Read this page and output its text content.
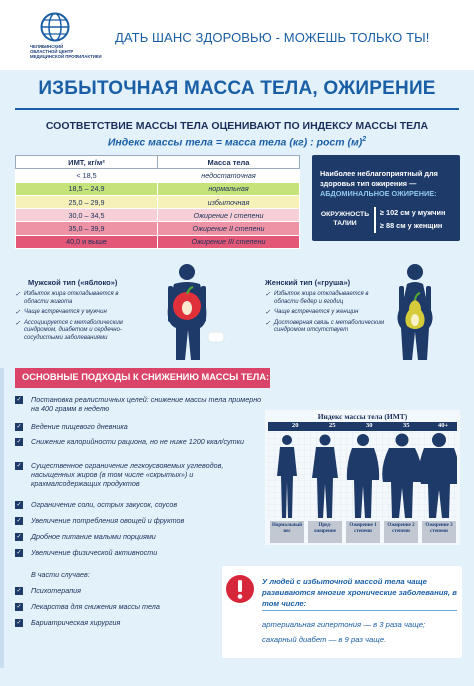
ЧЕЛЯБИНСКИЙ
ОБЛАСТНОЙ ЦЕНТР
МЕДИЦИНСКОЙ ПРОФИЛАКТИКИ
ДАТЬ ШАНС ЗДОРОВЬЮ - МОЖЕШЬ ТОЛЬКО ТЫ!
ИЗБЫТОЧНАЯ МАССА ТЕЛА, ОЖИРЕНИЕ
СООТВЕТСТВИЕ МАССЫ ТЕЛА ОЦЕНИВАЮТ ПО ИНДЕКСУ МАССЫ ТЕЛА
Индекс массы тела = масса тела (кг) : рост $(м)^2$
ИМТ, кг/м²	Масса тела
< 18,5	недостаточная
18,5 – 24,9	нормальная
25,0 – 29,9	избыточная
30,0 – 34,5	Ожирение I степени
35,0 – 39,9	Ожирение II степени
40,0 и выше	Ожирение III степени
Наиболее неблагоприятный для здоровья тип ожирения —
АБДОМИНАЛЬНОЕ ОЖИРЕНИЕ:
ОКРУЖНОСТЬ ТАЛИИ
≥ 102 см у мужчин
≥ 88 см у женщин
Мужской тип («яблоко»)
✓ Избыток жира откладывается в области живота
✓ Чаще встречается у мужчин
✓ Ассоциируется с метаболическим синдромом, диабетом и сердечно-сосудистыми заболеваниями
Женский тип («груша»)
✓ Избыток жира откладывается в области бедер и ягодиц
✓ Чаще встречается у женщин
✓ Достоверная связь с метаболическим синдромом отсутствует
ОСНОВНЫЕ ПОДХОДЫ К СНИЖЕНИЮ МАССЫ ТЕЛА:
✓ Постановка реалистичных целей: снижение массы тела примерно на 400 грамм в неделю
✓ Ведение пищевого дневника
✓ Снижение калорийности рациона, но не ниже 1200 ккал/сутки
✓ Существенное ограничение легкоусвояемых углеводов, насыщенных жиров (в том числе «скрытых») и крахмалсодержащих продуктов
✓ Ограничение соли, острых закусок, соусов
✓ Увеличение потребления овощей и фруктов
✓ Дробное питание малыми порциями
✓ Увеличение физической активности
В части случаев:
✓ Психотерапия
✓ Лекарства для снижения массы тела
✓ Бариатрическая хирургия
Индекс массы тела (ИМТ)
20	25	30	35	40+
Нормальный вес
Пред-ожирение
Ожирение 1 степени
Ожирение 2 степени
Ожирение 3 степени
У людей с избыточной массой тела чаще развиваются многие хронические заболевания, в том числе:
артериальная гипертония — в 3 раза чаще;
сахарный диабет — в 9 раз чаще.
